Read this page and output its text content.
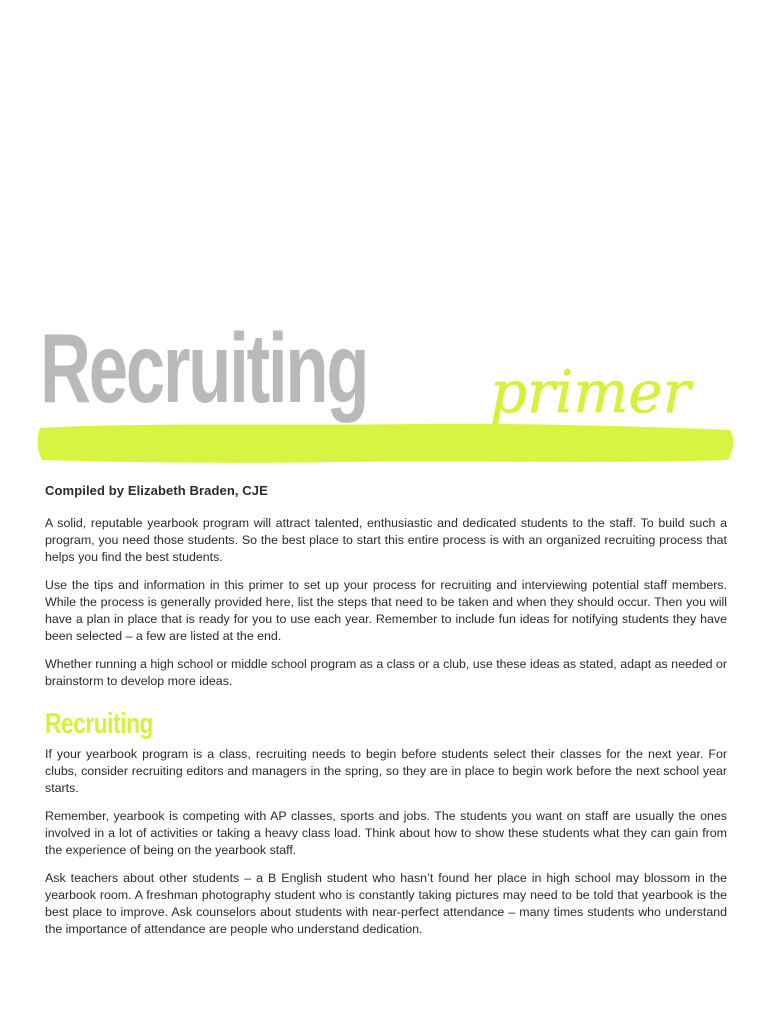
Recruiting primer
Compiled by Elizabeth Braden, CJE

A solid, reputable yearbook program will attract talented, enthusiastic and dedicated students to the staff. To build such a program, you need those students. So the best place to start this entire process is with an organized recruiting process that helps you find the best students.

Use the tips and information in this primer to set up your process for recruiting and interviewing potential staff members. While the process is generally provided here, list the steps that need to be taken and when they should occur. Then you will have a plan in place that is ready for you to use each year. Remember to include fun ideas for notifying students they have been selected – a few are listed at the end.

Whether running a high school or middle school program as a class or a club, use these ideas as stated, adapt as needed or brainstorm to develop more ideas.

Recruiting

If your yearbook program is a class, recruiting needs to begin before students select their classes for the next year. For clubs, consider recruiting editors and managers in the spring, so they are in place to begin work before the next school year starts.

Remember, yearbook is competing with AP classes, sports and jobs. The students you want on staff are usually the ones involved in a lot of activities or taking a heavy class load. Think about how to show these students what they can gain from the experience of being on the yearbook staff.

Ask teachers about other students – a B English student who hasn’t found her place in high school may blossom in the yearbook room. A freshman photography student who is constantly taking pictures may need to be told that yearbook is the best place to improve. Ask counselors about students with near-perfect attendance – many times students who understand the importance of attendance are people who understand dedication.
